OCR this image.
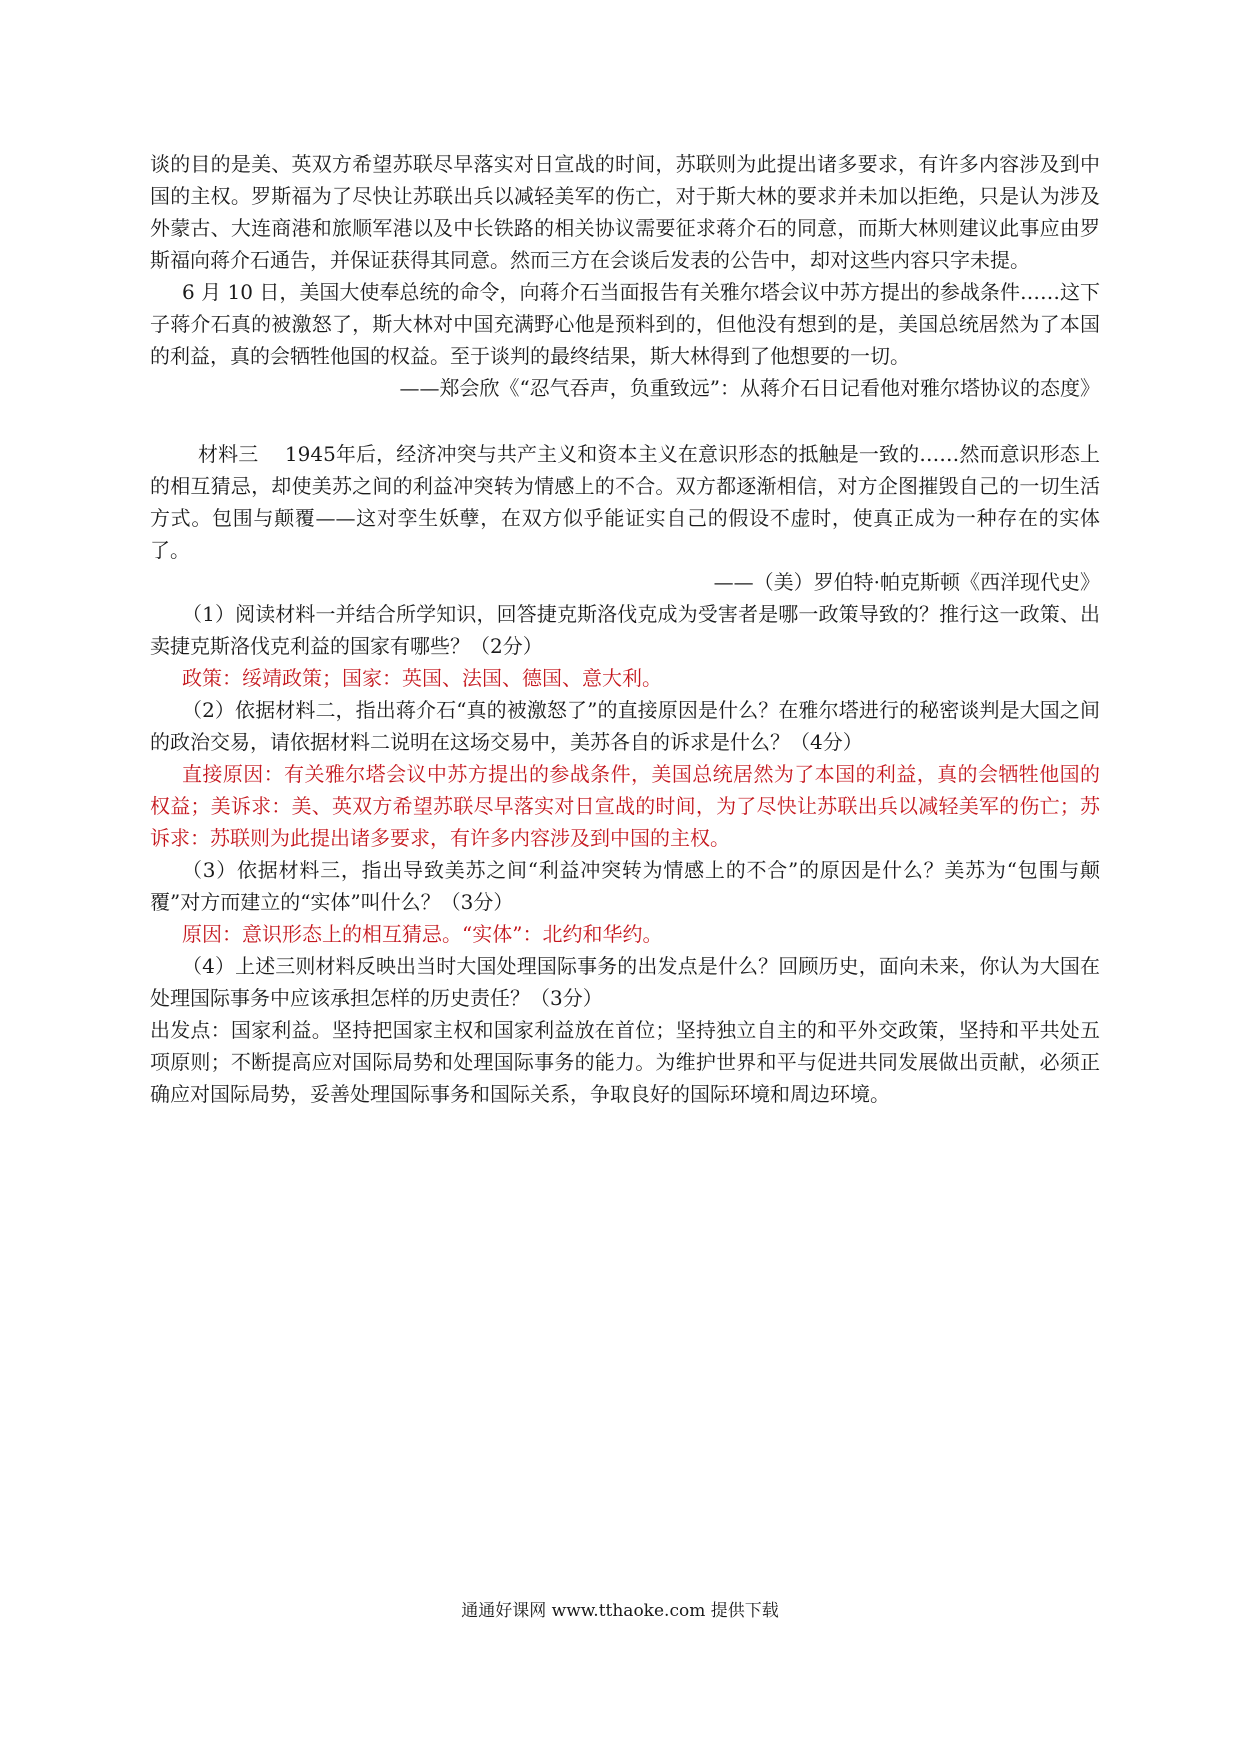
谈的目的是美、英双方希望苏联尽早落实对日宣战的时间，苏联则为此提出诸多要求，有许多内容涉及到中国的主权。罗斯福为了尽快让苏联出兵以减轻美军的伤亡，对于斯大林的要求并未加以拒绝，只是认为涉及外蒙古、大连商港和旅顺军港以及中长铁路的相关协议需要征求蒋介石的同意，而斯大林则建议此事应由罗斯福向蒋介石通告，并保证获得其同意。然而三方在会谈后发表的公告中，却对这些内容只字未提。

6 月 10 日，美国大使奉总统的命令，向蒋介石当面报告有关雅尔塔会议中苏方提出的参战条件……这下子蒋介石真的被激怒了，斯大林对中国充满野心他是预料到的，但他没有想到的是，美国总统居然为了本国的利益，真的会牺牲他国的权益。至于谈判的最终结果，斯大林得到了他想要的一切。

——郑会欣《“忍气吞声，负重致远”：从蒋介石日记看他对雅尔塔协议的态度》

材料三　 1945年后，经济冲突与共产主义和资本主义在意识形态的抵触是一致的……然而意识形态上的相互猜忌，却使美苏之间的利益冲突转为情感上的不合。双方都逐渐相信，对方企图摧毁自己的一切生活方式。包围与颠覆——这对孪生妖孽，在双方似乎能证实自己的假设不虚时，使真正成为一种存在的实体了。

——（美）罗伯特·帕克斯顿《西洋现代史》

（1）阅读材料一并结合所学知识，回答捷克斯洛伐克成为受害者是哪一政策导致的？推行这一政策、出卖捷克斯洛伐克利益的国家有哪些？（2分）

政策：绥靖政策；国家：英国、法国、德国、意大利。

（2）依据材料二，指出蒋介石“真的被激怒了”的直接原因是什么？在雅尔塔进行的秘密谈判是大国之间的政治交易，请依据材料二说明在这场交易中，美苏各自的诉求是什么？（4分）

直接原因：有关雅尔塔会议中苏方提出的参战条件，美国总统居然为了本国的利益，真的会牺牲他国的权益；美诉求：美、英双方希望苏联尽早落实对日宣战的时间，为了尽快让苏联出兵以减轻美军的伤亡；苏诉求：苏联则为此提出诸多要求，有许多内容涉及到中国的主权。

（3）依据材料三，指出导致美苏之间“利益冲突转为情感上的不合”的原因是什么？美苏为“包围与颠覆”对方而建立的“实体”叫什么？（3分）

原因：意识形态上的相互猜忌。“实体”：北约和华约。

（4）上述三则材料反映出当时大国处理国际事务的出发点是什么？回顾历史，面向未来，你认为大国在处理国际事务中应该承担怎样的历史责任？（3分）

出发点：国家利益。坚持把国家主权和国家利益放在首位；坚持独立自主的和平外交政策，坚持和平共处五项原则；不断提高应对国际局势和处理国际事务的能力。为维护世界和平与促进共同发展做出贡献，必须正确应对国际局势，妥善处理国际事务和国际关系，争取良好的国际环境和周边环境。

通通好课网 www.tthaoke.com 提供下载
